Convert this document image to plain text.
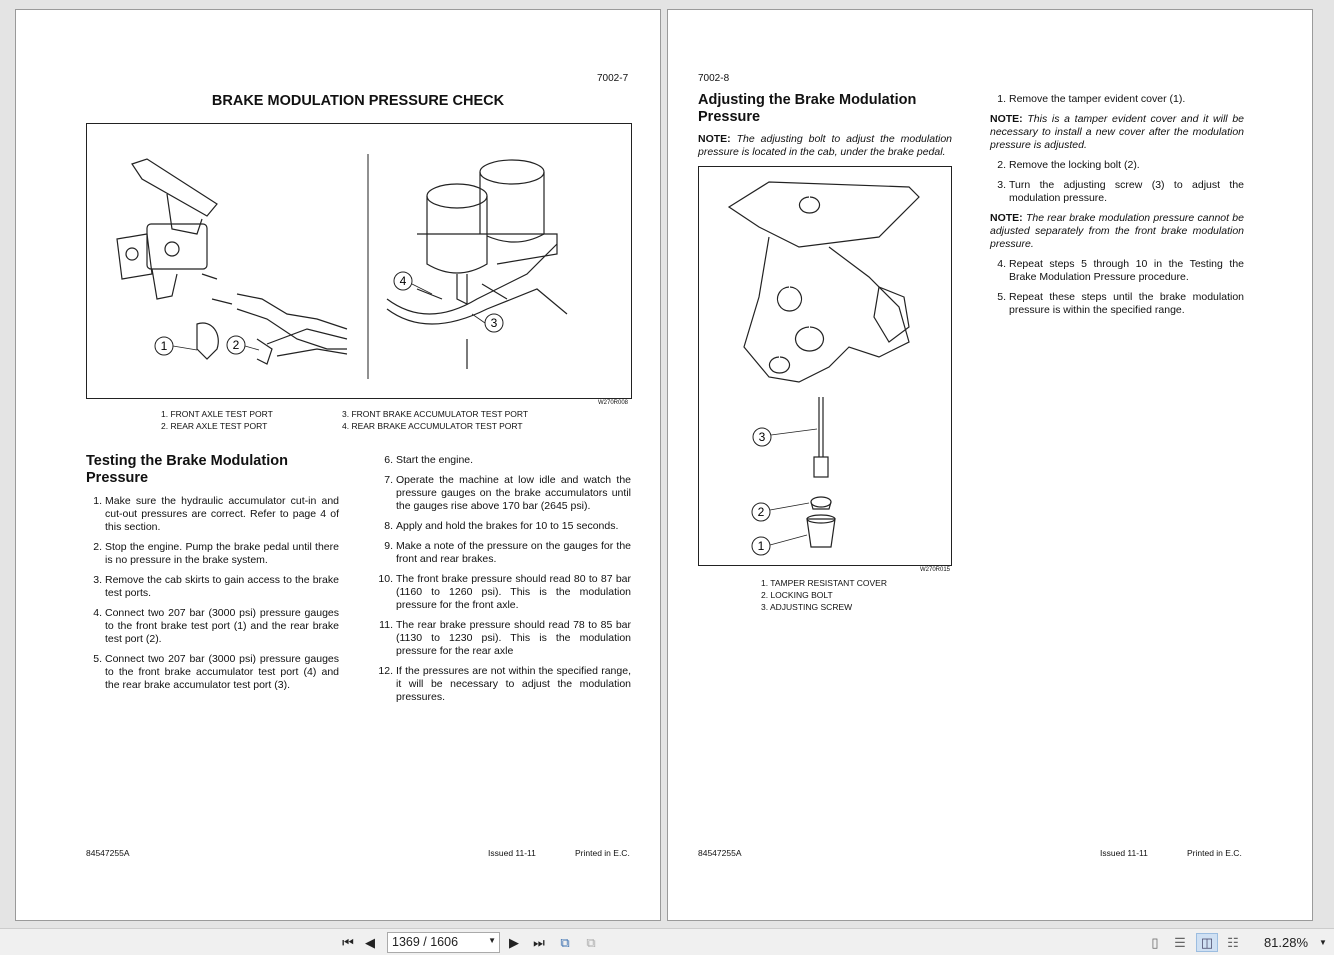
7002-7
BRAKE MODULATION PRESSURE CHECK
1	2
3
4
W270R008
1. FRONT AXLE TEST PORT
2. REAR AXLE TEST PORT
3. FRONT BRAKE ACCUMULATOR TEST PORT
4. REAR BRAKE ACCUMULATOR TEST PORT
Testing the Brake Modulation Pressure
1. Make sure the hydraulic accumulator cut-in and cut-out pressures are correct. Refer to page 4 of this section.
2. Stop the engine. Pump the brake pedal until there is no pressure in the brake system.
3. Remove the cab skirts to gain access to the brake test ports.
4. Connect two 207 bar (3000 psi) pressure gauges to the front brake test port (1) and the rear brake test port (2).
5. Connect two 207 bar (3000 psi) pressure gauges to the front brake accumulator test port (4) and the rear brake accumulator test port (3).
6. Start the engine.
7. Operate the machine at low idle and watch the pressure gauges on the brake accumulators until the gauges rise above 170 bar (2645 psi).
8. Apply and hold the brakes for 10 to 15 seconds.
9. Make a note of the pressure on the gauges for the front and rear brakes.
10. The front brake pressure should read 80 to 87 bar (1160 to 1260 psi). This is the modulation pressure for the front axle.
11. The rear brake pressure should read 78 to 85 bar (1130 to 1230 psi). This is the modulation pressure for the rear axle
12. If the pressures are not within the specified range, it will be necessary to adjust the modulation pressures.
84547255A	Issued 11-11	Printed in E.C.
7002-8
Adjusting the Brake Modulation Pressure
NOTE: The adjusting bolt to adjust the modulation pressure is located in the cab, under the brake pedal.
3
2
1
W270R015
1. TAMPER RESISTANT COVER
2. LOCKING BOLT
3. ADJUSTING SCREW
1. Remove the tamper evident cover (1).
NOTE: This is a tamper evident cover and it will be necessary to install a new cover after the modulation pressure is adjusted.
2. Remove the locking bolt (2).
3. Turn the adjusting screw (3) to adjust the modulation pressure.
NOTE: The rear brake modulation pressure cannot be adjusted separately from the front brake modulation pressure.
4. Repeat steps 5 through 10 in the Testing the Brake Modulation Pressure procedure.
5. Repeat these steps until the brake modulation pressure is within the specified range.
84547255A	Issued 11-11	Printed in E.C.
⏮ ◀	1369 / 1606	▼ ▶ ⏭	⧉	⧉	▯	☰	◫	☷	81.28%	▼
